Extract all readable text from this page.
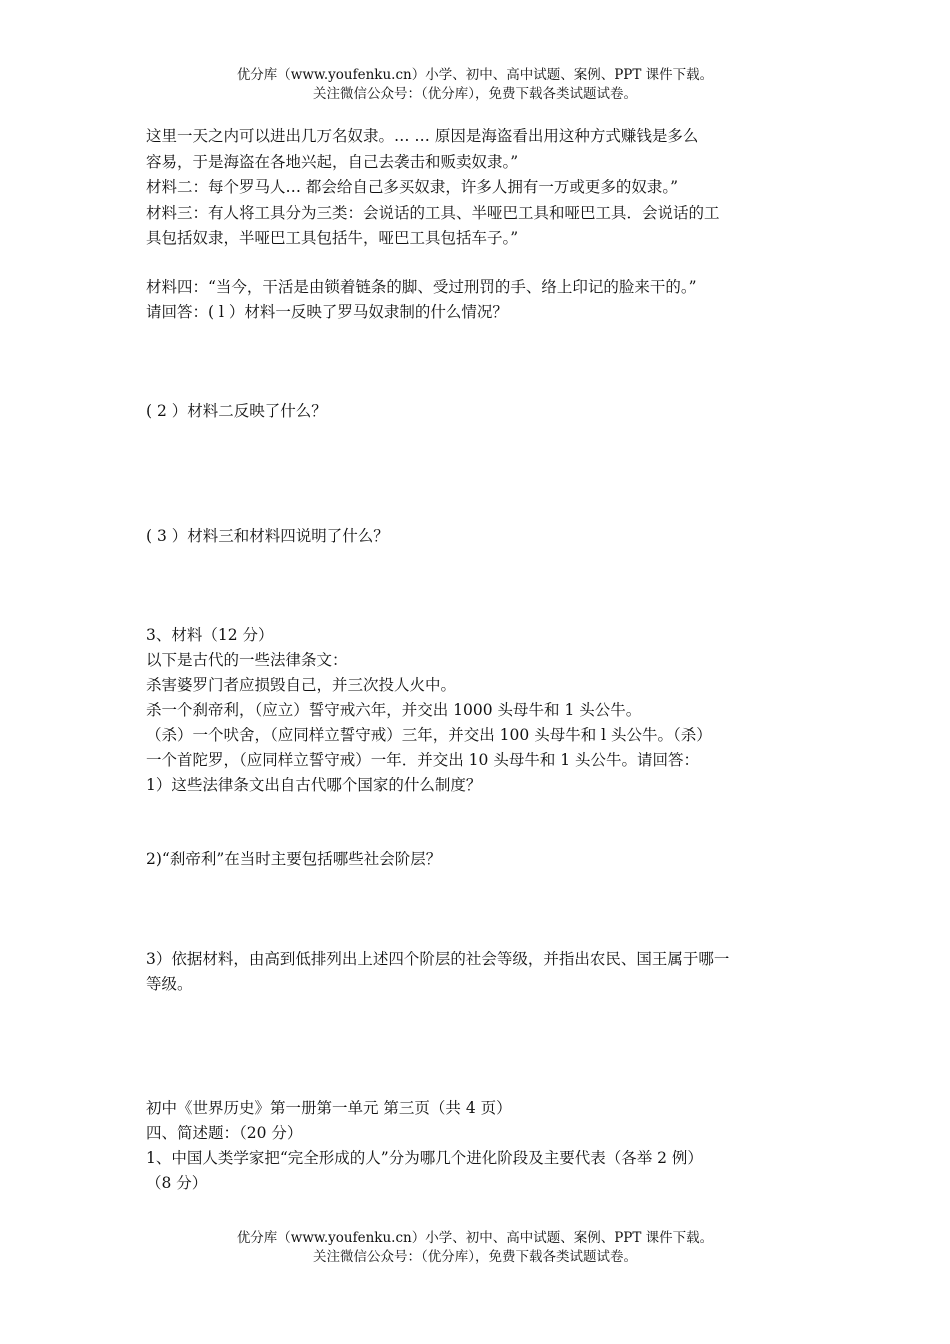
优分库（www.youfenku.cn）小学、初中、高中试题、案例、PPT 课件下载。
关注微信公众号：（优分库），免费下载各类试题试卷。
这里一天之内可以进出几万名奴隶。… … 原因是海盗看出用这种方式赚钱是多么
容易，于是海盗在各地兴起，自己去袭击和贩卖奴隶。”
材料二：每个罗马人… 都会给自己多买奴隶，许多人拥有一万或更多的奴隶。”
材料三：有人将工具分为三类：会说话的工具、半哑巴工具和哑巴工具．会说话的工
具包括奴隶，半哑巴工具包括牛，哑巴工具包括车子。”
材料四：“当今，干活是由锁着链条的脚、受过刑罚的手、络上印记的脸来干的。”
请回答：( l ）材料一反映了罗马奴隶制的什么情况？
( 2 ）材料二反映了什么？
( 3 ）材料三和材料四说明了什么？
3、材料（12 分）
以下是古代的一些法律条文：
杀害婆罗门者应损毁自己，并三次投人火中。
杀一个刹帝利，（应立）誓守戒六年，并交出 1000 头母牛和 1 头公牛。
（杀）一个吠舍，（应同样立誓守戒）三年，并交出 100 头母牛和 l 头公牛。（杀）
一个首陀罗，（应同样立誓守戒）一年．并交出 10 头母牛和 1 头公牛。请回答：
1）这些法律条文出自古代哪个国家的什么制度？
2)“刹帝利”在当时主要包括哪些社会阶层？
3）依据材料，由高到低排列出上述四个阶层的社会等级，并指出农民、国王属于哪一
等级。
初中《世界历史》第一册第一单元 第三页（共 4 页）
四、简述题：（20 分）
1、中国人类学家把“完全形成的人”分为哪几个进化阶段及主要代表（各举 2 例）
（8 分）
优分库（www.youfenku.cn）小学、初中、高中试题、案例、PPT 课件下载。
关注微信公众号：（优分库），免费下载各类试题试卷。
